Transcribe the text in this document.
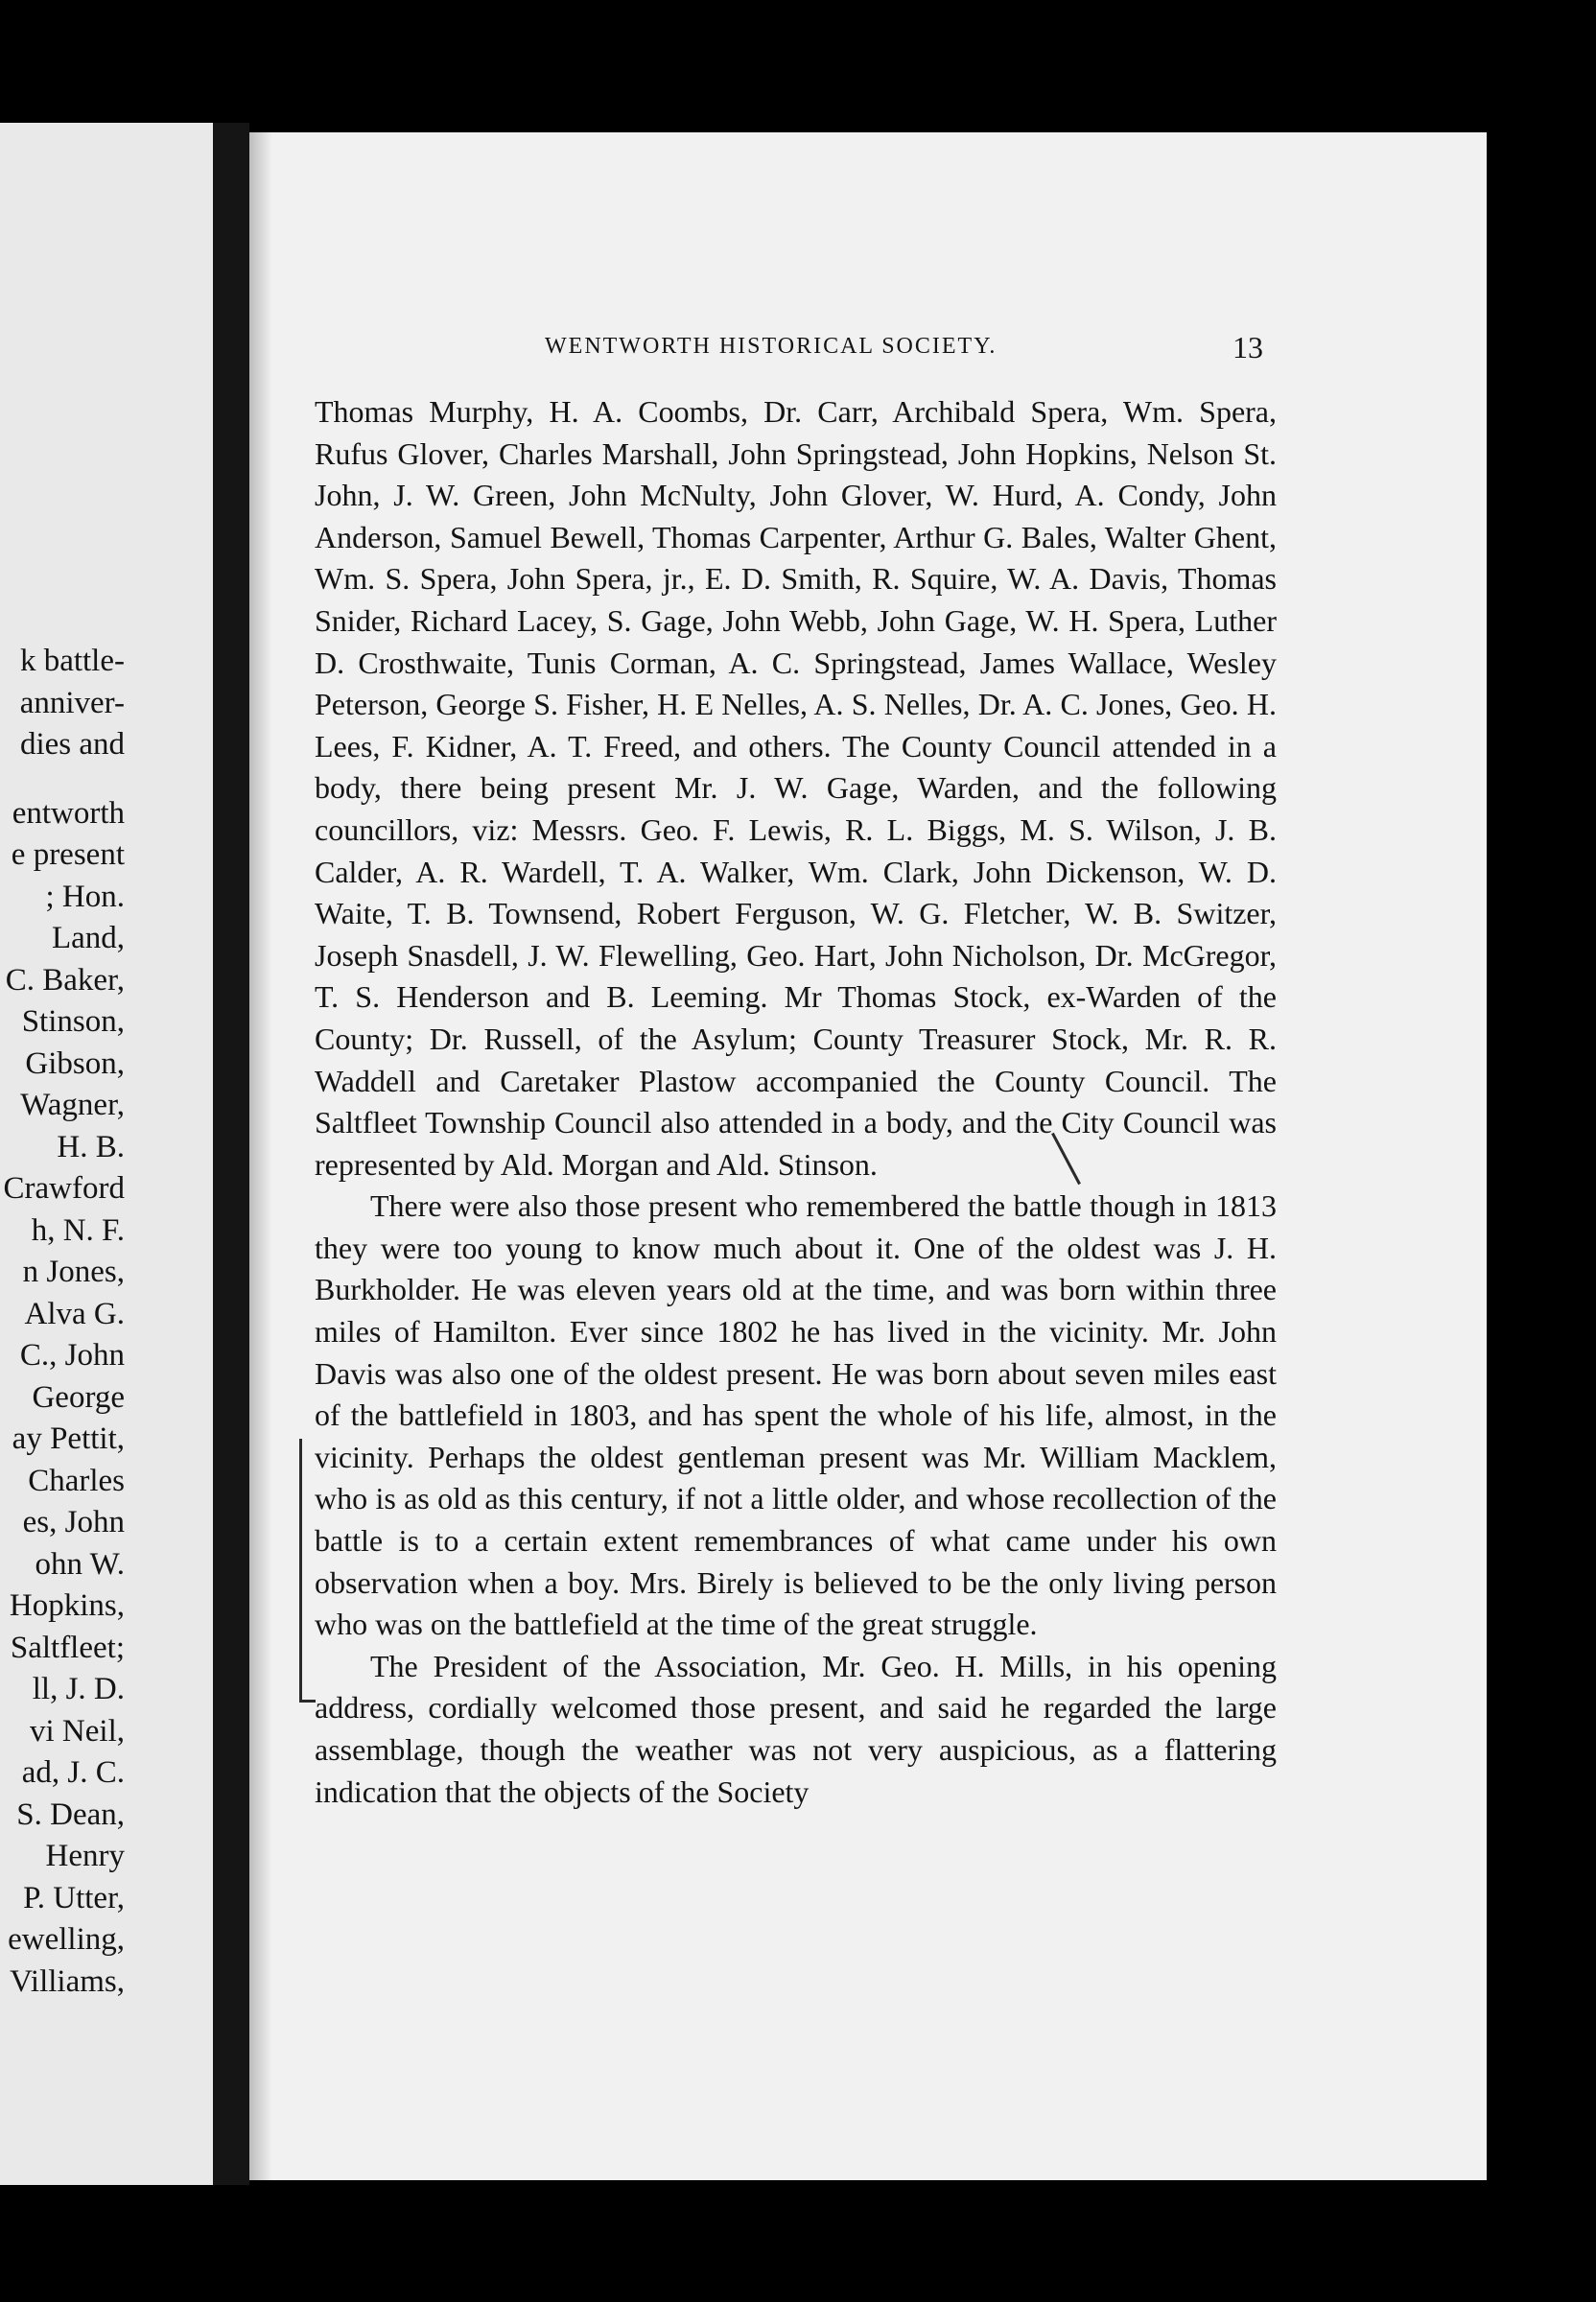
k battle-
anniver-
dies and
entworth
e present
; Hon.
Land,
C. Baker,
Stinson,
Gibson,
Wagner,
H. B.
Crawford
h, N. F.
n Jones,
Alva G.
C., John
George
ay Pettit,
Charles
es, John
ohn W.
Hopkins,
Saltfleet;
ll, J. D.
vi Neil,
ad, J. C.
S. Dean,
Henry
P. Utter,
ewelling,
Villiams,
WENTWORTH HISTORICAL SOCIETY.	13

Thomas Murphy, H. A. Coombs, Dr. Carr, Archibald Spera, Wm. Spera, Rufus Glover, Charles Marshall, John Springstead, John Hopkins, Nelson St. John, J. W. Green, John McNulty, John Glover, W. Hurd, A. Condy, John Anderson, Samuel Bewell, Thomas Carpenter, Arthur G. Bales, Walter Ghent, Wm. S. Spera, John Spera, jr., E. D. Smith, R. Squire, W. A. Davis, Thomas Snider, Richard Lacey, S. Gage, John Webb, John Gage, W. H. Spera, Luther D. Crosthwaite, Tunis Corman, A. C. Springstead, James Wallace, Wesley Peterson, George S. Fisher, H. E Nelles, A. S. Nelles, Dr. A. C. Jones, Geo. H. Lees, F. Kidner, A. T. Freed, and others. The County Council attended in a body, there being present Mr. J. W. Gage, Warden, and the following councillors, viz: Messrs. Geo. F. Lewis, R. L. Biggs, M. S. Wilson, J. B. Calder, A. R. Wardell, T. A. Walker, Wm. Clark, John Dickenson, W. D. Waite, T. B. Townsend, Robert Ferguson, W. G. Fletcher, W. B. Switzer, Joseph Snasdell, J. W. Flewelling, Geo. Hart, John Nicholson, Dr. McGregor, T. S. Henderson and B. Leeming. Mr Thomas Stock, ex-Warden of the County; Dr. Russell, of the Asylum; County Treasurer Stock, Mr. R. R. Waddell and Caretaker Plastow accompanied the County Council. The Saltfleet Township Council also attended in a body, and the City Council was represented by Ald. Morgan and Ald. Stinson.

There were also those present who remembered the battle though in 1813 they were too young to know much about it. One of the oldest was J. H. Burkholder. He was eleven years old at the time, and was born within three miles of Hamilton. Ever since 1802 he has lived in the vicinity. Mr. John Davis was also one of the oldest present. He was born about seven miles east of the battlefield in 1803, and has spent the whole of his life, almost, in the vicinity. Perhaps the oldest gentleman present was Mr. William Macklem, who is as old as this century, if not a little older, and whose recollection of the battle is to a certain extent remembrances of what came under his own observation when a boy. Mrs. Birely is believed to be the only living person who was on the battlefield at the time of the great struggle.

The President of the Association, Mr. Geo. H. Mills, in his opening address, cordially welcomed those present, and said he regarded the large assemblage, though the weather was not very auspicious, as a flattering indication that the objects of the Society
